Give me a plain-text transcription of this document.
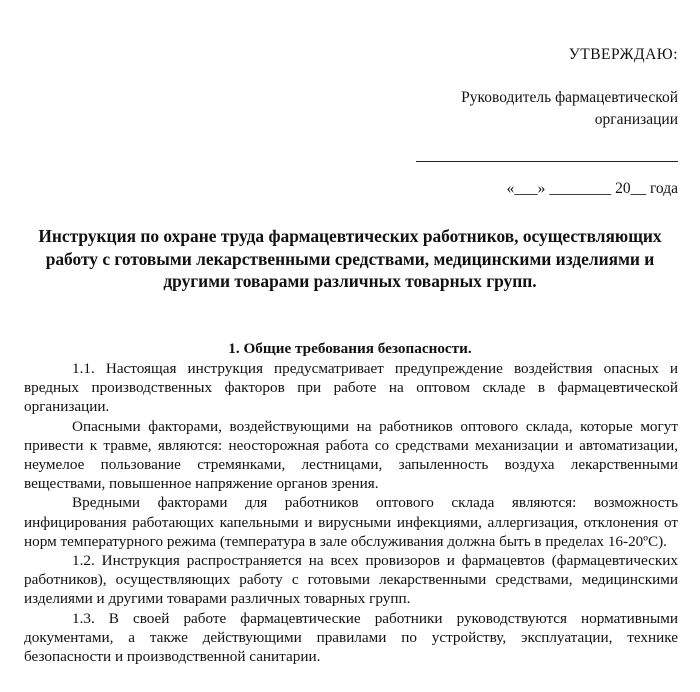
УТВЕРЖДАЮ:
Руководитель фармацевтической
организации
«___» ________ 20__ года
Инструкция по охране труда фармацевтических работников, осуществляющих работу с готовыми лекарственными средствами, медицинскими изделиями и другими товарами различных товарных групп.
1. Общие требования безопасности.

1.1. Настоящая инструкция предусматривает предупреждение воздействия опасных и вредных производственных факторов при работе на оптовом складе в фармацевтической организации.

Опасными факторами, воздействующими на работников оптового склада, которые могут привести к травме, являются: неосторожная работа со средствами механизации и автоматизации, неумелое пользование стремянками, лестницами, запыленность воздуха лекарственными веществами, повышенное напряжение органов зрения.

Вредными факторами для работников оптового склада являются: возможность инфицирования работающих капельными и вирусными инфекциями, аллергизация, отклонения от норм температурного режима (температура в зале обслуживания должна быть в пределах 16-20ºС).

1.2. Инструкция распространяется на всех провизоров и фармацевтов (фармацевтических работников), осуществляющих работу с готовыми лекарственными средствами, медицинскими изделиями и другими товарами различных товарных групп.

1.3. В своей работе фармацевтические работники руководствуются нормативными документами, а также действующими правилами по устройству, эксплуатации, технике безопасности и производственной санитарии.
